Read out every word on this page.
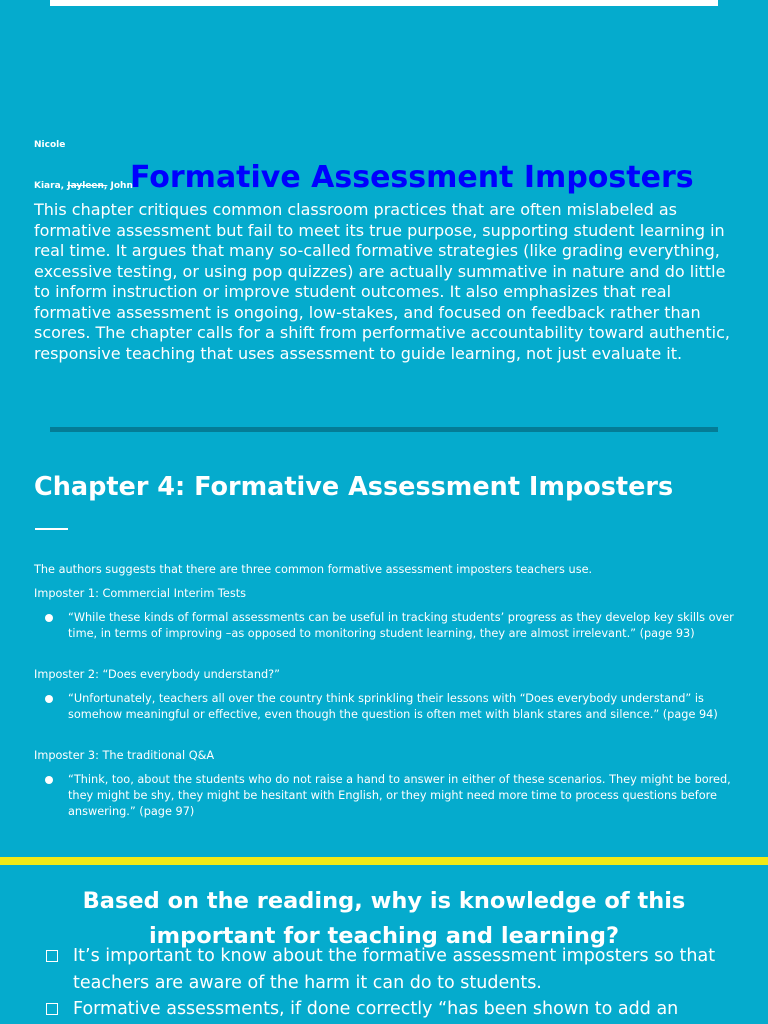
Nicole
Kiara, Jayleen, John
Formative Assessment Imposters

This chapter critiques common classroom practices that are often mislabeled as formative assessment but fail to meet its true purpose, supporting student learning in real time. It argues that many so-called formative strategies (like grading everything, excessive testing, or using pop quizzes) are actually summative in nature and do little to inform instruction or improve student outcomes. It also emphasizes that real formative assessment is ongoing, low-stakes, and focused on feedback rather than scores. The chapter calls for a shift from performative accountability toward authentic, responsive teaching that uses assessment to guide learning, not just evaluate it.

Chapter 4: Formative Assessment Imposters

The authors suggests that there are three common formative assessment imposters teachers use.

Imposter 1: Commercial Interim Tests

“While these kinds of formal assessments can be useful in tracking students’ progress as they develop key skills over time, in terms of improving –as opposed to monitoring student learning, they are almost irrelevant.” (page 93)

Imposter 2: “Does everybody understand?”

“Unfortunately, teachers all over the country think sprinkling their lessons with “Does everybody understand” is somehow meaningful or effective, even though the question is often met with blank stares and silence.” (page 94)

Imposter 3: The traditional Q&A

“Think, too, about the students who do not raise a hand to answer in either of these scenarios. They might be bored, they might be shy, they might be hesitant with English, or they might need more time to process questions before answering.” (page 97)

Based on the reading, why is knowledge of this important for teaching and learning?

It’s important to know about the formative assessment imposters so that teachers are aware of the harm it can do to students.

Formative assessments, if done correctly “has been shown to add an
